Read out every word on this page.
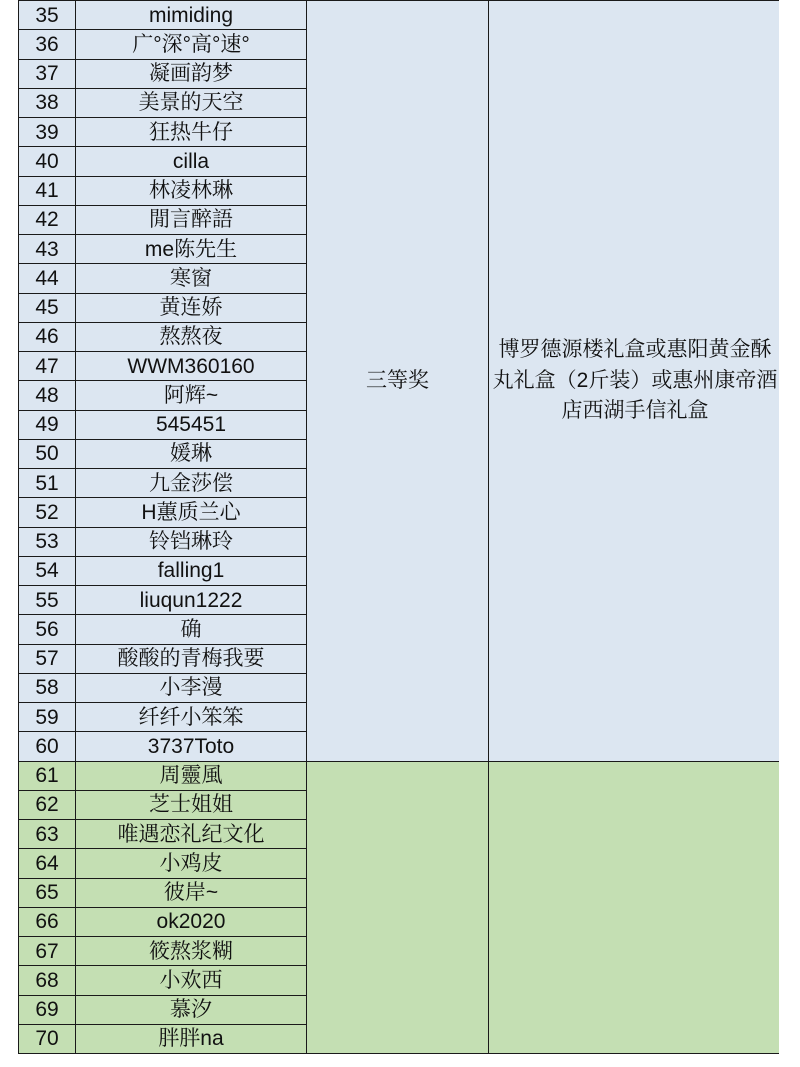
35	mimiding	三等奖	博罗德源楼礼盒或惠阳黄金酥丸礼盒（2斤装）或惠州康帝酒店西湖手信礼盒
36	广°深°高°速°		
37	凝画韵梦		
38	美景的天空		
39	狂热牛仔		
40	cilla		
41	林凌林琳		
42	閒言醉語		
43	me陈先生		
44	寒窗		
45	黄连娇		
46	熬熬夜		
47	WWM360160		
48	阿辉~		
49	545451		
50	媛琳		
51	九金莎偿		
52	H蕙质兰心		
53	铃铛琳玲		
54	falling1		
55	liuqun1222		
56	确		
57	酸酸的青梅我要		
58	小李漫		
59	纤纤小笨笨		
60	3737Toto		
61	周靈風		
62	芝士姐姐		
63	唯遇恋礼纪文化		
64	小鸡皮		
65	彼岸~		
66	ok2020		
67	筱熬浆糊		
68	小欢西		
69	慕汐		
70	胖胖na		
